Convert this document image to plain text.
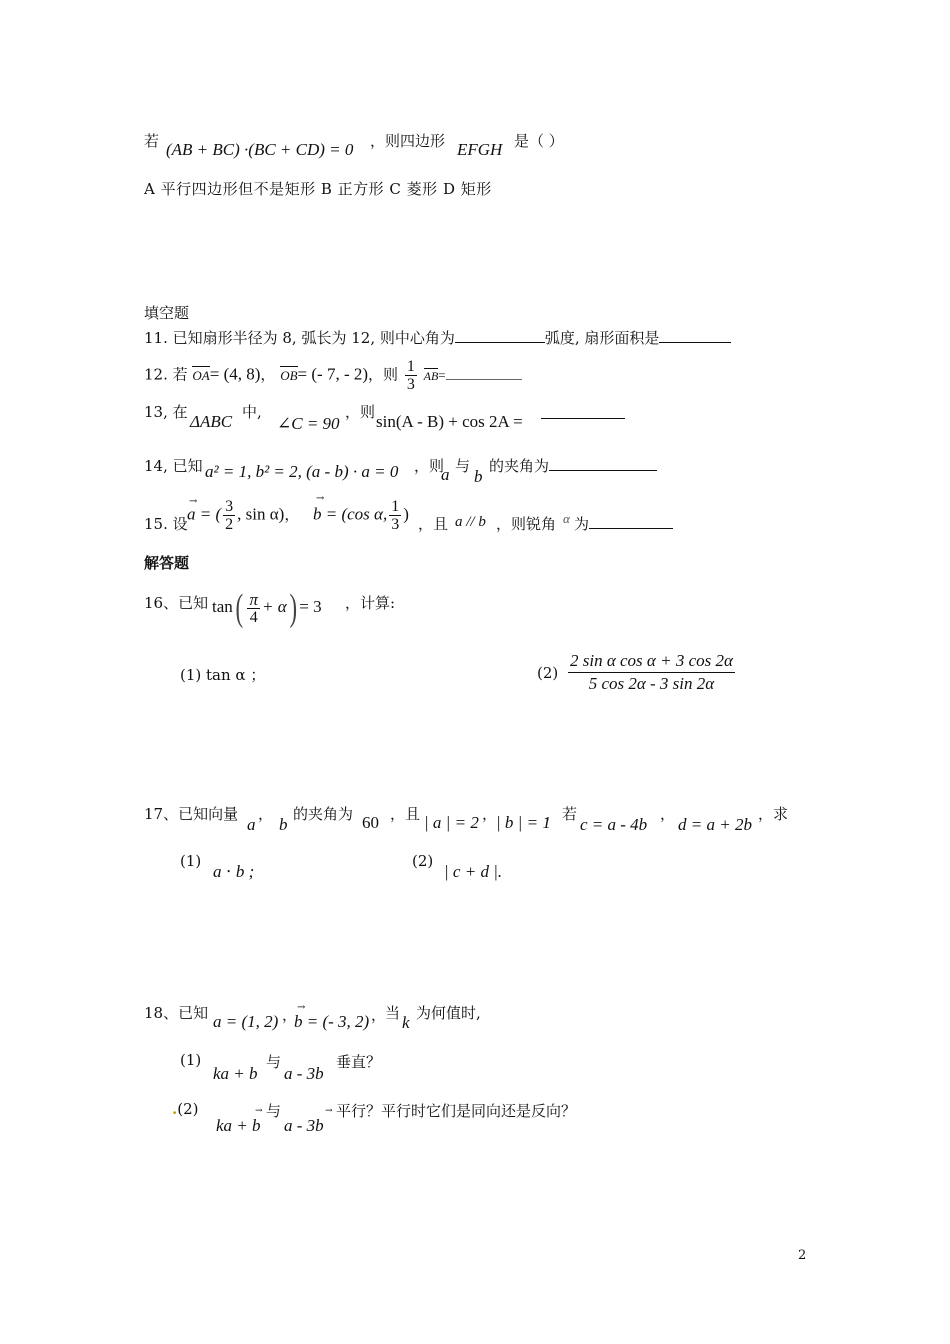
若 (AB + BC) ·(BC + CD) = 0 ，则四边形 EFGH 是（ ）
A 平行四边形但不是矩形 B 正方形 C 菱形 D 矩形
填空题
11. 已知扇形半径为 8, 弧长为 12, 则中心角为	弧度, 扇形面积是
12. 若 OA= (4, 8)， OB= (- 7, - 2)，则 $\frac{1}{3} AB=$
13, 在 ΔABC 中,
∠C = 90
，则 sin(A - B) + cos 2A =
14, 已知 a² = 1, b² = 2, (a - b) · a = 0 ，则
a 与
b
的夹角为
15. 设
→
a = ( $\frac{3}{2}$ , sin α)，
→
b = (cos α, $\frac{1}{3}$ )
，且 a // b ，则锐角 α 为
解答题
16、已知 $\tan( \frac{\pi}{4} + \alpha) = 3$ ，计算:
(1) tan α ；	$(2) \frac{\text{2 sin α cos α + 3 cos 2α}}{5 \cos 2\alpha - 3 \sin 2\alpha}$
17、已知向量
a
，
b
的夹角为 60 ，且 | a | = 2 ，
| b | = 1
， 若
c = a - 4b
，
d = a + 2b
，求
(1)
a ⋅ b ;
(2)
| c + d |.
18、已知 a = (1, 2) ， →
b = (- 3, 2) ，
当 k 为何值时,
(1)
ka + b
与
a - 3b
垂直？
.(2)	→
ka + b
与	→
a - 3b
平行？平行时它们是同向还是反向？
2
